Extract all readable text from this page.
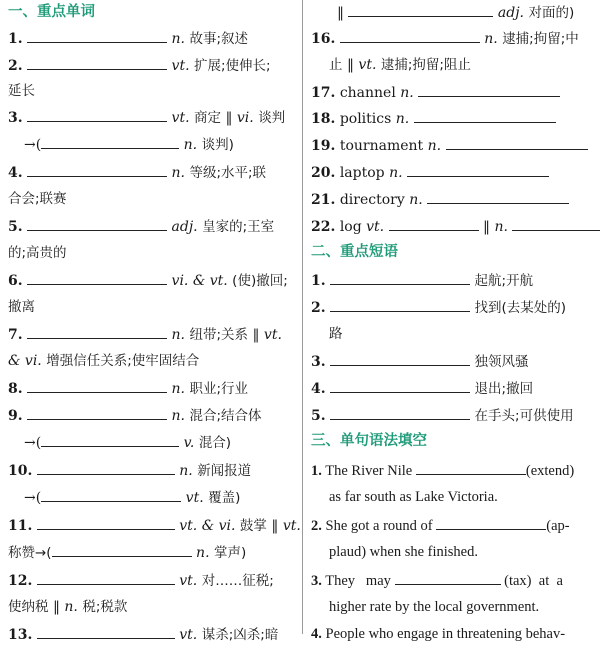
一、重点单词
1.	n. 故事;叙述
2.	vt. 扩展;使伸长;
延长
3.	vt. 商定 ‖ vi. 谈判
→(	n. 谈判)
4.	n. 等级;水平;联
合会;联赛
5.	adj. 皇家的;王室
的;高贵的
6.	vi. & vt. (使)撤回;
撤离
7.	n. 纽带;关系 ‖ vt.
& vi. 增强信任关系;使牢固结合
8.	n. 职业;行业
9.	n. 混合;结合体
→(	v. 混合)
10.	n. 新闻报道
→(	vt. 覆盖)
11.	vt. & vi. 鼓掌 ‖ vt.
称赞→(	n. 掌声)
12.	vt. 对……征税;
使纳税 ‖ n. 税;税款
13.	vt. 谋杀;凶杀;暗
‖	adj. 对面的)
16.	n. 逮捕;拘留;中
止 ‖ vt. 逮捕;拘留;阻止
17. channel n.
18. politics n.
19. tournament n.
20. laptop n.
21. directory n.
22. log vt.	‖ n.
二、重点短语
1.	起航;开航
2.	找到(去某处的)
路
3.	独领风骚
4.	退出;撤回
5.	在手头;可供使用
三、单句语法填空
1. The River Nile	(extend)
as far south as Lake Victoria.
2. She got a round of	(ap-
plaud) when she finished.
3. They   may	(tax)  at  a
higher rate by the local government.
4. People who engage in threatening behav-
